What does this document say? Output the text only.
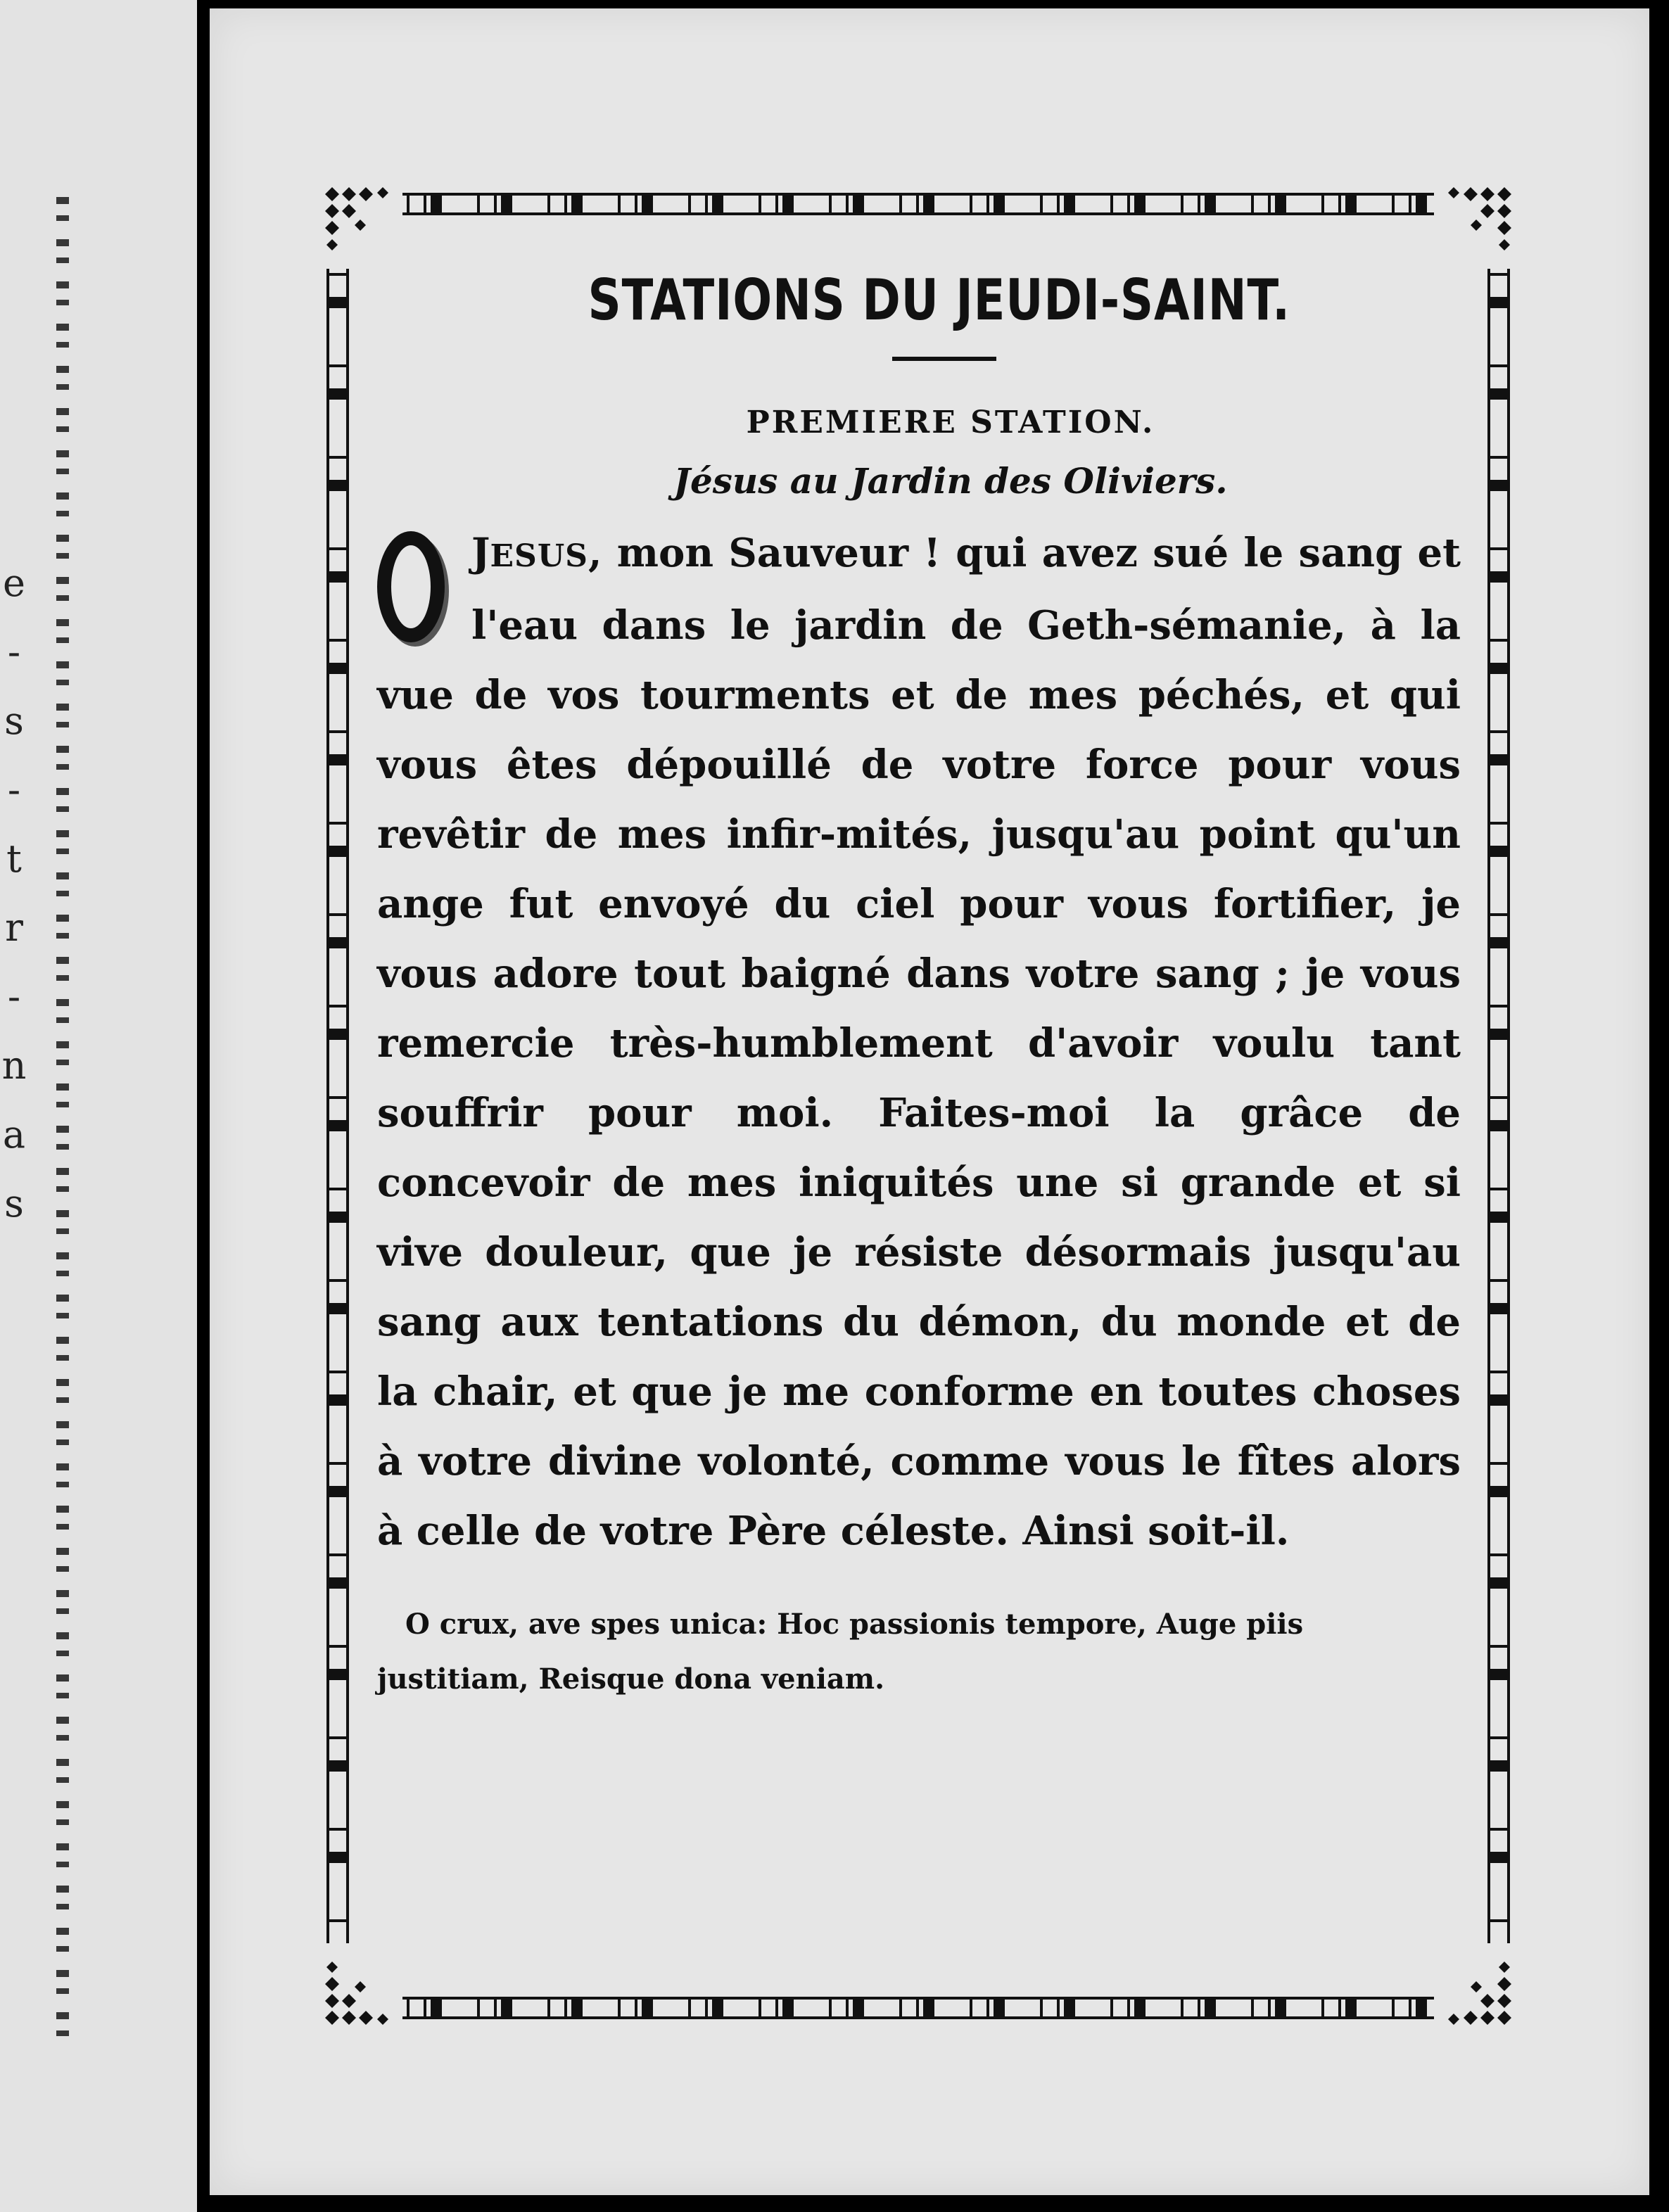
e
-
s
-
t
r
-
n
a
s
STATIONS DU JEUDI-SAINT.
PREMIERE STATION.
Jésus au Jardin des Oliviers.

JESUS, mon Sauveur ! qui avez sué le sang et l'eau dans le jardin de Geth-sémanie, à la vue de vos tourments et de mes péchés, et qui vous êtes dépouillé de votre force pour vous revêtir de mes infir-mités, jusqu'au point qu'un ange fut envoyé du ciel pour vous fortifier, je vous adore tout baigné dans votre sang ; je vous remercie très-humblement d'avoir voulu tant souffrir pour moi. Faites-moi la grâce de concevoir de mes iniquités une si grande et si vive douleur, que je résiste désormais jusqu'au sang aux tentations du démon, du monde et de la chair, et que je me conforme en toutes choses à votre divine volonté, comme vous le fîtes alors à celle de votre Père céleste. Ainsi soit-il.

O crux, ave spes unica: Hoc passionis tempore, Auge piis justitiam, Reisque dona veniam.
